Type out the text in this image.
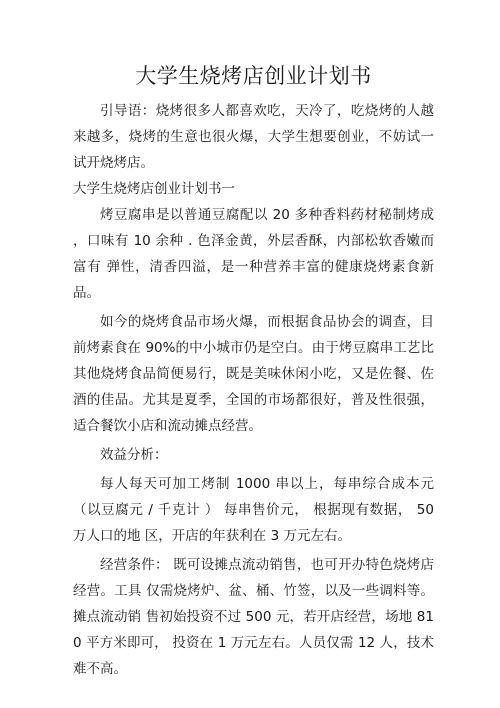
大学生烧烤店创业计划书

引导语：烧烤很多人都喜欢吃，天冷了，吃烧烤的人越 来越多，烧烤的生意也很火爆，大学生想要创业，不妨试一 试开烧烤店。

大学生烧烤店创业计划书一

烤豆腐串是以普通豆腐配以 20 多种香料药材秘制烤成 ，口味有 10 余种 . 色泽金黄，外层香酥，内部松软香嫩而富有 弹性，清香四溢，是一种营养丰富的健康烧烤素食新品。

如今的烧烤食品市场火爆，而根据食品协会的调查，目 前烤素食在 90%的中小城市仍是空白。由于烤豆腐串工艺比 其他烧烤食品简便易行，既是美味休闲小吃，又是佐餐、佐 酒的佳品。尤其是夏季，全国的市场都很好，普及性很强， 适合餐饮小店和流动摊点经营。

效益分析：

每人每天可加工烤制 1000 串以上，每串综合成本元 （以豆腐元 / 千克计 ） 每串售价元， 根据现有数据， 50 万人口的地 区，开店的年获利在 3 万元左右。

经营条件： 既可设摊点流动销售，也可开办特色烧烤店 经营。工具 仅需烧烤炉、盆、桶、竹签，以及一些调料等。摊点流动销 售初始投资不过 500 元，若开店经营，场地 810 平方米即可， 投资在 1 万元左右。人员仅需 12 人，技术难不高。
